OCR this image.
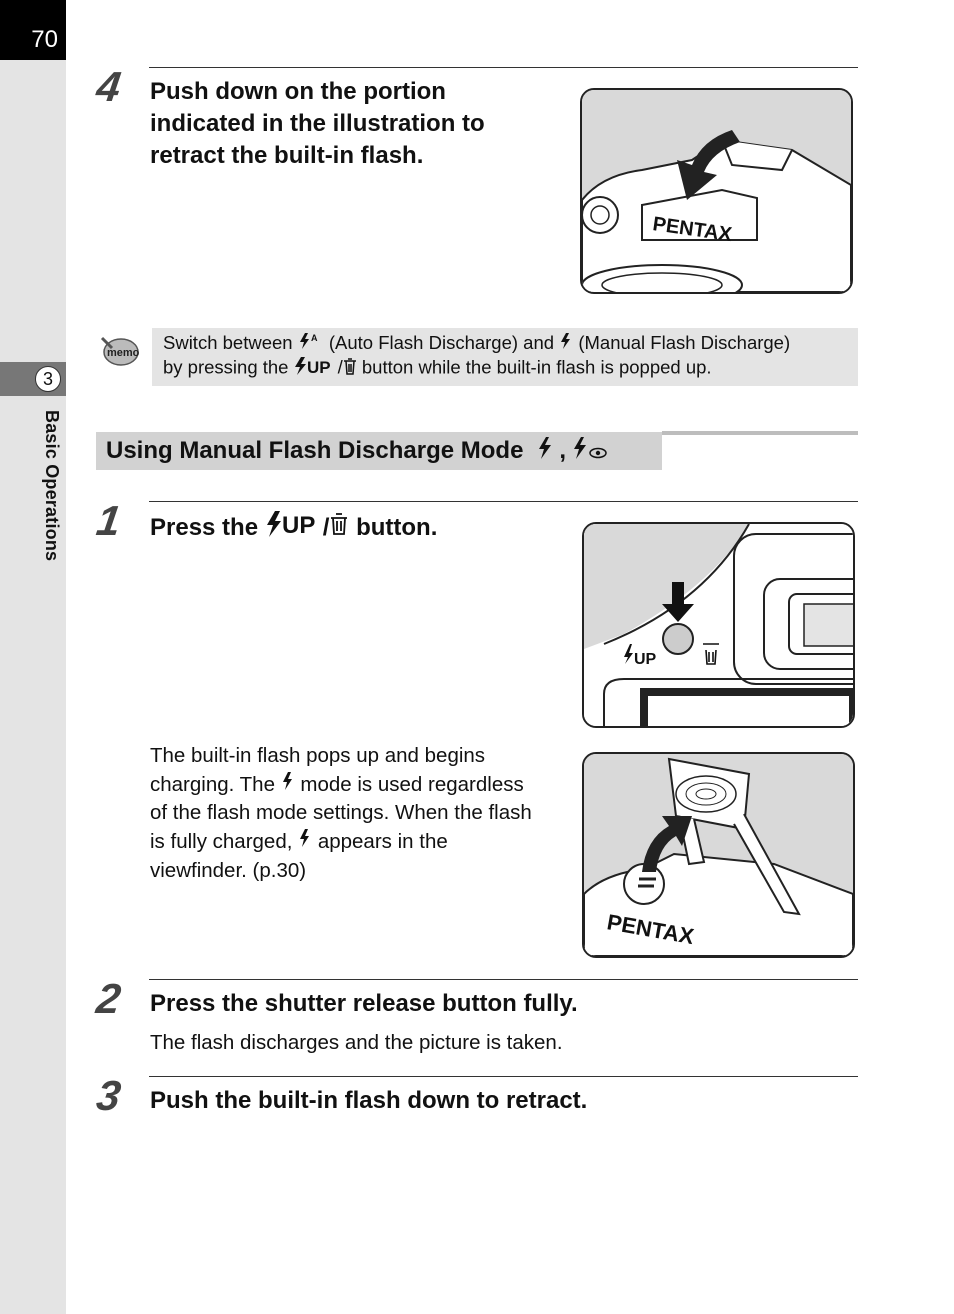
70
3
Basic Operations
4 Push down on the portion indicated in the illustration to retract the built-in flash.
PENTAX
memo Switch between A (Auto Flash Discharge) and  (Manual Flash Discharge)
by pressing the UP / button while the built-in flash is popped up.
Using Manual Flash Discharge Mode ,
1 Press the UP / button.
UP
The built-in flash pops up and begins
charging. The  mode is used regardless
of the flash mode settings. When the flash
is fully charged,  appears in the
viewfinder. (p.30)
PENTAX
2 Press the shutter release button fully.
The flash discharges and the picture is taken.
3 Push the built-in flash down to retract.
